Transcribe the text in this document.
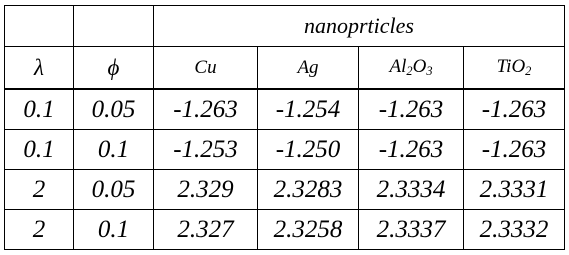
		nanoprticles			
λ	ϕ	Cu	Ag	$Al_2O_3$	TiO$_2$
0.1	0.05	-1.263	-1.254	-1.263	-1.263
0.1	0.1	-1.253	-1.250	-1.263	-1.263
2	0.05	2.329	2.3283	2.3334	2.3331
2	0.1	2.327	2.3258	2.3337	2.3332
